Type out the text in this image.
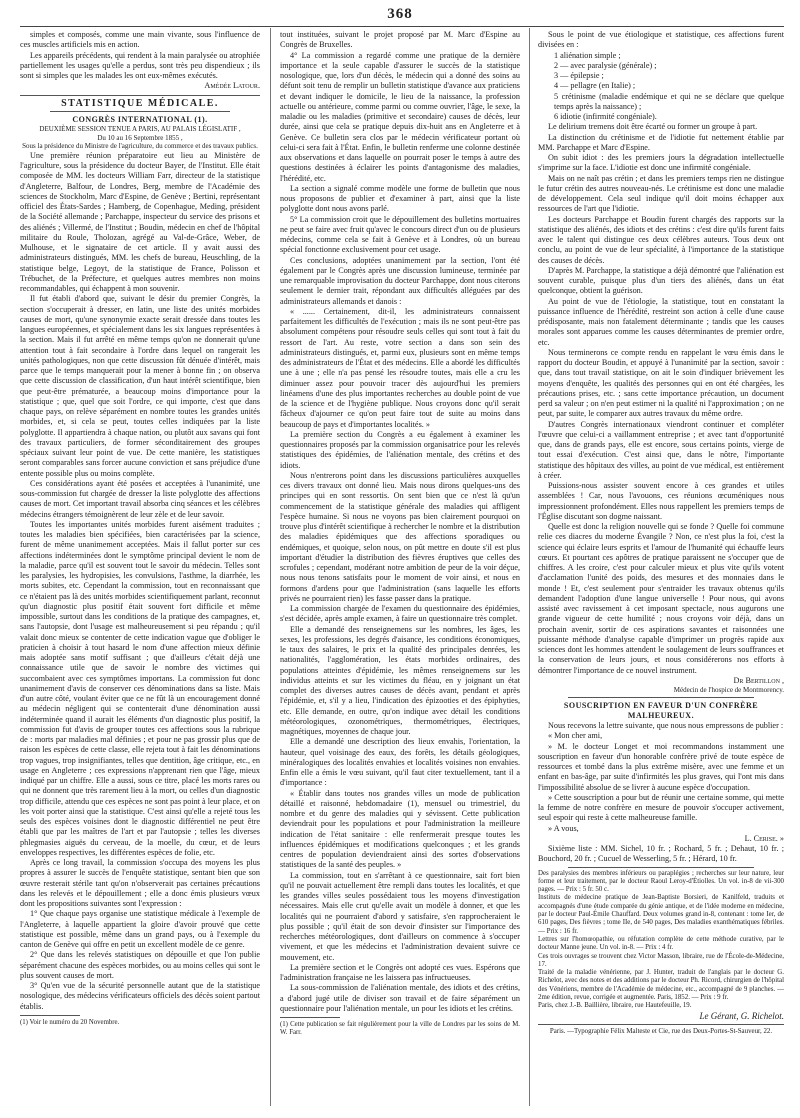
368

simples et composés, comme une main vivante, sous l'influence de ces muscles artificiels mis en action.

Les appareils précédents, qui rendent à la main paralysée ou atrophiée partiellement les usages qu'elle a perdus, sont très peu dispendieux ; ils sont si simples que les malades les ont eux-mêmes exécutés.

Amédée Latour.

STATISTIQUE MÉDICALE.
CONGRÈS INTERNATIONAL (1).

DEUXIÈME SESSION TENUE A PARIS, AU PALAIS LÉGISLATIF ,

Du 10 au 16 Septembre 1855 ,

Sous la présidence du Ministre de l'agriculture, du commerce et des travaux publics.

Une première réunion préparatoire eut lieu au Ministère de l'agriculture, sous la présidence du docteur Bayer, de l'Institut. Elle était composée de MM. les docteurs William Farr, directeur de la statistique d'Angleterre, Balfour, de Londres, Berg, membre de l'Académie des sciences de Stockholm, Marc d'Espine, de Genève ; Bertini, représentant officiel des États-Sardes ; Hamberg, de Copenhague, Meding, président de la Société allemande ; Parchappe, inspecteur du service des prisons et des aliénés ; Villermé, de l'Institut ; Boudin, médecin en chef de l'hôpital militaire du Roule, Tholozan, agrégé au Val-de-Grâce, Weber, de Mulhouse, et le signataire de cet article. Il y avait aussi des administrateurs distingués, MM. les chefs de bureau, Heuschling, de la statistique belge, Legoyt, de la statistique de France, Polisson et Trébuchet, de la Préfecture, et quelques autres membres non moins recommandables, qui échappent à mon souvenir.

Il fut établi d'abord que, suivant le désir du premier Congrès, la section s'occuperait à dresser, en latin, une liste des unités morbides causes de mort, qu'une synonymie exacte serait dressée dans toutes les langues européennes, et spécialement dans les six langues représentées à la section. Mais il fut arrêté en même temps qu'on ne donnerait qu'une attention tout à fait secondaire à l'ordre dans lequel on rangerait les unités pathologiques, non que cette discussion fût dénuée d'intérêt, mais parce que le temps manquerait pour la mener à bonne fin ; on observa que cette discussion de classification, d'un haut intérêt scientifique, bien que peut-être prématurée, a beaucoup moins d'importance pour la statistique ; que, quel que soit l'ordre, ce qui importe, c'est que dans chaque pays, on relève séparément en nombre toutes les grandes unités morbides, et, si cela se peut, toutes celles indiquées par la liste polyglotte. Il appartiendra à chaque nation, ou plutôt aux savans qui font des travaux particuliers, de former séconditairement des groupes spéciaux suivant leur point de vue. De cette manière, les statistiques seront comparables sans forcer aucune conviction et sans préjudice d'une entente possible plus ou moins complète.

Ces considérations ayant été posées et acceptées à l'unanimité, une sous-commission fut chargée de dresser la liste polyglotte des affections causes de mort. Cet important travail absorba cinq séances et les célèbres médecins étrangers témoignèrent de leur zèle et de leur savoir.

Toutes les importantes unités morbides furent aisément traduites ; toutes les maladies bien spécifiées, bien caractérisées par la science, furent de même unanimement acceptées. Mais il fallut porter sur ces affections indéterminées dont le symptôme principal devient le nom de la maladie, parce qu'il est souvent tout le savoir du médecin. Telles sont les paralysies, les hydropisies, les convulsions, l'asthme, la diarrhée, les morts subites, etc. Cependant la commission, tout en reconnaissant que ce n'étaient pas là des unités morbides scientifiquement parlant, reconnut qu'un diagnostic plus positif était souvent fort difficile et même impossible, surtout dans les conditions de la pratique des campagnes, et, sans l'autopsie, dont l'usage est malheureusement si peu répandu ; qu'il valait donc mieux se contenter de cette indication vague que d'obliger le praticien à choisir à tout hasard le nom d'une affection mieux définie mais adoptée sans motif suffisant ; que d'ailleurs c'était déjà une connaissance utile que de savoir le nombre des victimes qui succombaient avec ces symptômes importans. La commission fut donc unanimement d'avis de conserver ces dénominations dans sa liste. Mais d'un autre côté, voulant éviter que ce ne fût là un encouragement donné au médecin négligent qui se contenterait d'une dénomination aussi indéterminée quand il aurait les éléments d'un diagnostic plus positif, la commission fut d'avis de grouper toutes ces affections sous la rubrique de : morts par maladies mal définies ; et pour ne pas grossir plus que de raison les espèces de cette classe, elle rejeta tout à fait les dénominations trop vagues, trop insignifiantes, telles que dentition, âge critique, etc., en usage en Angleterre ; ces expressions n'apprenant rien que l'âge, mieux indiqué par un chiffre. Elle a aussi, sous ce titre, placé les morts rares ou qui ne donnent que très rarement lieu à la mort, ou celles d'un diagnostic trop difficile, attendu que ces espèces ne sont pas point à leur place, et on les voit porter ainsi que la statistique. C'est ainsi qu'elle a rejeté tous les seuls des espèces voisines dont le diagnostic différentiel ne peut être établi que par les maîtres de l'art et par l'autopsie ; telles les diverses phlegmasies aiguës du cerveau, de la moelle, du cœur, et de leurs enveloppes respectives, les différentes espèces de folie, etc.

Après ce long travail, la commission s'occupa des moyens les plus propres à assurer le succès de l'enquête statistique, sentant bien que son œuvre resterait stérile tant qu'on n'observerait pas certaines précautions dans les relevés et le dépouillement ; elle a donc émis plusieurs vœux dont les propositions suivantes sont l'expression :

1° Que chaque pays organise une statistique médicale à l'exemple de l'Angleterre, à laquelle appartient la gloire d'avoir prouvé que cette statistique est possible, même dans un grand pays, ou à l'exemple du canton de Genève qui offre en petit un excellent modèle de ce genre.

2° Que dans les relevés statistiques on dépouille et que l'on publie séparément chacune des espèces morbides, ou au moins celles qui sont le plus souvent causes de mort.

3° Qu'en vue de la sécurité personnelle autant que de la statistique nosologique, des médecins vérificateurs officiels des décès soient partout établis.

(1) Voir le numéro du 20 Novembre.

tout instituées, suivant le projet proposé par M. Marc d'Espine au Congrès de Bruxelles.

4° La commission a regardé comme une pratique de la dernière importance et la seule capable d'assurer le succès de la statistique nosologique, que, lors d'un décès, le médecin qui a donné des soins au défunt soit tenu de remplir un bulletin statistique d'avance aux praticiens et devant indiquer le domicile, le lieu de la naissance, la profession actuelle ou antérieure, comme parmi ou comme ouvrier, l'âge, le sexe, la maladie ou les maladies (primitive et secondaire) causes de décès, leur durée, ainsi que cela se pratique depuis dix-huit ans en Angleterre et à Genève. Ce bulletin sera clos par le médecin vérificateur portant où celui-ci sera fait à l'État. Enfin, le bulletin renferme une colonne destinée aux observations et dans laquelle on pourrait poser le temps à autre des questions destinées à éclairer les points d'antagonisme des maladies, l'hérédité, etc.

La section a signalé comme modèle une forme de bulletin que nous nous proposons de publier et d'examiner à part, ainsi que la liste polyglotte dont nous avons parlé.

5° La commission croit que le dépouillement des bulletins mortuaires ne peut se faire avec fruit qu'avec le concours direct d'un ou de plusieurs médecins, comme cela se fait à Genève et à Londres, où un bureau spécial fonctionne exclusivement pour cet usage.

Ces conclusions, adoptées unanimement par la section, l'ont été également par le Congrès après une discussion lumineuse, terminée par une remarquable improvisation du docteur Parchappe, dont nous citerons seulement le dernier trait, répondant aux difficultés alléguées par des administrateurs allemands et danois :

« ...... Certainement, dit-il, les administrateurs connaissent parfaitement les difficultés de l'exécution ; mais ils ne sont peut-être pas absolument compétens pour résoudre seuls celles qui sont tout à fait du ressort de l'art. Au reste, votre section a dans son sein des administrateurs distingués, et, parmi eux, plusieurs sont en même temps des administrateurs de l'État et des médecins. Elle a abordé les difficultés une à une ; elle n'a pas pensé les résoudre toutes, mais elle a cru les diminuer assez pour pouvoir tracer dès aujourd'hui les premiers linéamens d'une des plus importantes recherches au double point de vue de la science et de l'hygiène publique. Nous croyons donc qu'il serait fâcheux d'ajourner ce qu'on peut faire tout de suite au moins dans beaucoup de pays et d'importantes localités. »

La première section du Congrès a eu également à examiner les questionnaires proposés par la commission organisatrice pour les relevés statistiques des épidémies, de l'aliénation mentale, des crétins et des idiots.

Nous n'entrerons point dans les discussions particulières auxquelles ces divers travaux ont donné lieu. Mais nous dirons quelques-uns des principes qui en sont ressortis. On sent bien que ce n'est là qu'un commencement de la statistique générale des maladies qui affligent l'espèce humaine. Si nous ne voyons pas bien clairement pourquoi on trouve plus d'intérêt scientifique à rechercher le nombre et la distribution des maladies épidémiques que des affections sporadiques ou endémiques, et quoique, selon nous, on pût mettre en doute s'il est plus important d'étudier la distribution des fièvres éruptives que celles des scrofules ; cependant, modérant notre ambition de peur de la voir déçue, nous nous tenons satisfaits pour le moment de voir ainsi, et nous en formons d'ardens pour que l'administration (sans laquelle les efforts privés ne pourraient rien) les fasse passer dans la pratique.

La commission chargée de l'examen du questionnaire des épidémies, s'est décidée, après ample examen, à faire un questionnaire très complet.

Elle a demandé des renseignemens sur les nombres, les âges, les sexes, les professions, les degrés d'aisance, les conditions économiques, le taux des salaires, le prix et la qualité des principales denrées, les nationalités, l'agglomération, les états morbides ordinaires, des populations atteintes d'épidémie, les mêmes renseignemens sur les individus atteints et sur les victimes du fléau, en y joignant un état complet des diverses autres causes de décès avant, pendant et après l'épidémie, et, s'il y a lieu, l'indication des épizooties et des épiphyties, etc. Elle demande, en outre, qu'on indique avec détail les conditions météorologiques, ozonométriques, thermométriques, électriques, magnétiques, moyennes de chaque jour.

Elle a demandé une description des lieux envahis, l'orientation, la hauteur, quel voisinage des eaux, des forêts, les détails géologiques, minéralogiques des localités envahies et localités voisines non envahies. Enfin elle a émis le vœu suivant, qu'il faut citer textuellement, tant il a d'importance :

« Établir dans toutes nos grandes villes un mode de publication détaillé et raisonné, hebdomadaire (1), mensuel ou trimestriel, du nombre et du genre des maladies qui y sévissent. Cette publication deviendrait pour les populations et pour l'administration la meilleure indication de l'état sanitaire : elle renfermerait presque toutes les influences épidémiques et modifications quelconques ; et les grands centres de population deviendraient ainsi des sortes d'observations statistiques de la santé des peuples. »

La commission, tout en s'arrêtant à ce questionnaire, sait fort bien qu'il ne pouvait actuellement être rempli dans toutes les localités, et que les grandes villes seules possédaient tous les moyens d'investigation nécessaires. Mais elle crut qu'elle avait un modèle à donner, et que les localités qui ne pourraient d'abord y satisfaire, s'en rapprocheraient le plus possible ; qu'il était de son devoir d'insister sur l'importance des recherches météorologiques, dont d'ailleurs on commence à s'occuper vivement, et que les médecins et l'administration devaient suivre ce mouvement, etc.

La première section et le Congrès ont adopté ces vues. Espérons que l'administration française ne les laissera pas infructueuses.

La sous-commission de l'aliénation mentale, des idiots et des crétins, a d'abord jugé utile de diviser son travail et de faire séparément un questionnaire pour l'aliénation mentale, un pour les idiots et les crétins.

(1) Cette publication se fait régulièrement pour la ville de Londres par les soins de M. W. Farr.

Sous le point de vue étiologique et statistique, ces affections furent divisées en :

1 aliénation simple ;

2 — avec paralysie (générale) ;

3 — épilepsie ;

4 — pellagre (en Italie) ;

5 crétinisme (maladie endémique et qui ne se déclare que quelque temps après la naissance) ;

6 idiotie (infirmité congéniale).

Le delirium tremens doit être écarté ou former un groupe à part.

La distinction du crétinisme et de l'idiotie fut nettement établie par MM. Parchappe et Marc d'Espine.

On subit idiot : des les premiers jours la dégradation intellectuelle s'imprime sur la face. L'idiotie est donc une infirmité congéniale.

Mais on ne naît pas crétin ; et dans les premiers temps rien ne distingue le futur crétin des autres nouveau-nés. Le crétinisme est donc une maladie de développement. Cela seul indique qu'il doit moins échapper aux ressources de l'art que l'idiotie.

Les docteurs Parchappe et Boudin furent chargés des rapports sur la statistique des aliénés, des idiots et des crétins : c'est dire qu'ils furent faits avec le talent qui distingue ces deux célèbres auteurs. Tous deux ont conclu, au point de vue de leur spécialité, à l'importance de la statistique des causes de décès.

D'après M. Parchappe, la statistique a déjà démontré que l'aliénation est souvent curable, puisque plus d'un tiers des aliénés, dans un état quelconque, obtient la guérison.

Au point de vue de l'étiologie, la statistique, tout en constatant la puissance influence de l'hérédité, restreint son action à celle d'une cause prédisposante, mais non fatalement déterminante ; tandis que les causes morales sont apparues comme les causes déterminantes de premier ordre, etc.

Nous terminerons ce compte rendu en rappelant le vœu émis dans le rapport du docteur Boudin, et appuyé à l'unanimité par la section, savoir : que, dans tout travail statistique, on ait le soin d'indiquer brièvement les moyens d'enquête, les qualités des personnes qui en ont été chargées, les précautions prises, etc. ; sans cette importance précaution, un document perd sa valeur ; on n'en peut estimer ni la qualité ni l'approximation ; on ne peut, par suite, le comparer aux autres travaux du même ordre.

D'autres Congrès internationaux viendront continuer et compléter l'œuvre que celui-ci a vaillamment entreprise ; et avec tant d'opportunité que, dans de grands pays, elle est encore, sous certains points, vierge de tout essai d'exécution. C'est ainsi que, dans le nôtre, l'importante statistique des hôpitaux des villes, au point de vue médical, est entièrement à créer.

Puissions-nous assister souvent encore à ces grandes et utiles assemblées ! Car, nous l'avouons, ces réunions œcuméniques nous impressionnent profondément. Elles nous rappellent les premiers temps de l'Église discutant son dogme naissant.

Quelle est donc la religion nouvelle qui se fonde ? Quelle foi commune relie ces diacres du moderne Évangile ? Non, ce n'est plus la foi, c'est la science qui éclaire leurs esprits et l'amour de l'humanité qui échauffe leurs cœurs. Et pourtant ces apôtres de pratique paraissent ne s'occuper que de chiffres. A les croire, c'est pour calculer mieux et plus vite qu'ils votent d'acclamation l'unité des poids, des mesures et des monnaies dans le monde ! Et, c'est seulement pour s'entraider les travaux obtenus qu'ils demandent l'adoption d'une langue universelle ! Pour nous, qui avons assisté avec ravissement à cet imposant spectacle, nous augurons une grande vigueur de cette humilité ; nous croyons voir déjà, dans un prochain avenir, sortir de ces aspirations savantes et raisonnées une puissante méthode d'analyse capable d'imprimer un progrès rapide aux sciences dont les hommes attendent le soulagement de leurs souffrances et la conservation de leurs jours, et nous considérerons nos efforts à démontrer l'importance de ce nouvel instrument.

Dr Bertillon ,

Médecin de l'hospice de Montmorency.

SOUSCRIPTION EN FAVEUR D'UN CONFRÈRE MALHEUREUX.

Nous recevons la lettre suivante, que nous nous empressons de publier :

« Mon cher ami,

» M. le docteur Longet et moi recommandons instamment une souscription en faveur d'un honorable confrère privé de toute espèce de ressources et tombé dans la plus extrême misère, avec une femme et un enfant en bas-âge, par suite d'infirmités les plus graves, qui l'ont mis dans l'impossibilité absolue de se livrer à aucune espèce d'occupation.

» Cette souscription a pour but de réunir une certaine somme, qui mette la femme de notre confrère en mesure de pouvoir s'occuper activement, seul espoir qui reste à cette malheureuse famille.

» A vous,

L. Cerise. »

Sixième liste : MM. Sichel, 10 fr. ; Rochard, 5 fr. ; Dehaut, 10 fr. ; Bouchord, 20 fr. ; Cucuel de Wesserling, 5 fr. ; Hérard, 10 fr.

Des paralysies des membres inférieurs ou paraplégies ; recherches sur leur nature, leur forme et leur traitement, par le docteur Raoul Leroy-d'Étiolles. Un vol. in-8 de vii-300 pages. — Prix : 5 fr. 50 c.

Instituts de médecine pratique de Jean-Baptiste Borsieri, de Kanilfeld, traduits et accompagnés d'une étude comparée du génie antique, et de l'idée moderne en médecine, par le docteur Paul-Émile Chauffard. Deux volumes grand in-8, contenant : tome Ier, de 610 pages, Des fièvres ; tome IIe, de 540 pages, Des maladies exanthématiques fébriles. — Prix : 16 fr.

Lettres sur l'homœopathie, ou réfutation complète de cette méthode curative, par le docteur Manne jeune. Un vol. in-8. — Prix : 4 fr.

Ces trois ouvrages se trouvent chez Victor Masson, libraire, rue de l'École-de-Médecine, 17.

Traité de la maladie vénérienne, par J. Hunter, traduit de l'anglais par le docteur G. Richelot, avec des notes et des additions par le docteur Ph. Ricord, chirurgien de l'hôpital des Vénériens, membre de l'Académie de médecine, etc., accompagné de 9 planches. — 2me édition, revue, corrigée et augmentée. Paris, 1852. — Prix : 9 fr.

Paris, chez J.-B. Baillière, libraire, rue Hautefeuille, 19.

Le Gérant, G. Richelot.

Paris. —Typographie Félix Malteste et Cie, rue des Deux-Portes-St-Sauveur, 22.
